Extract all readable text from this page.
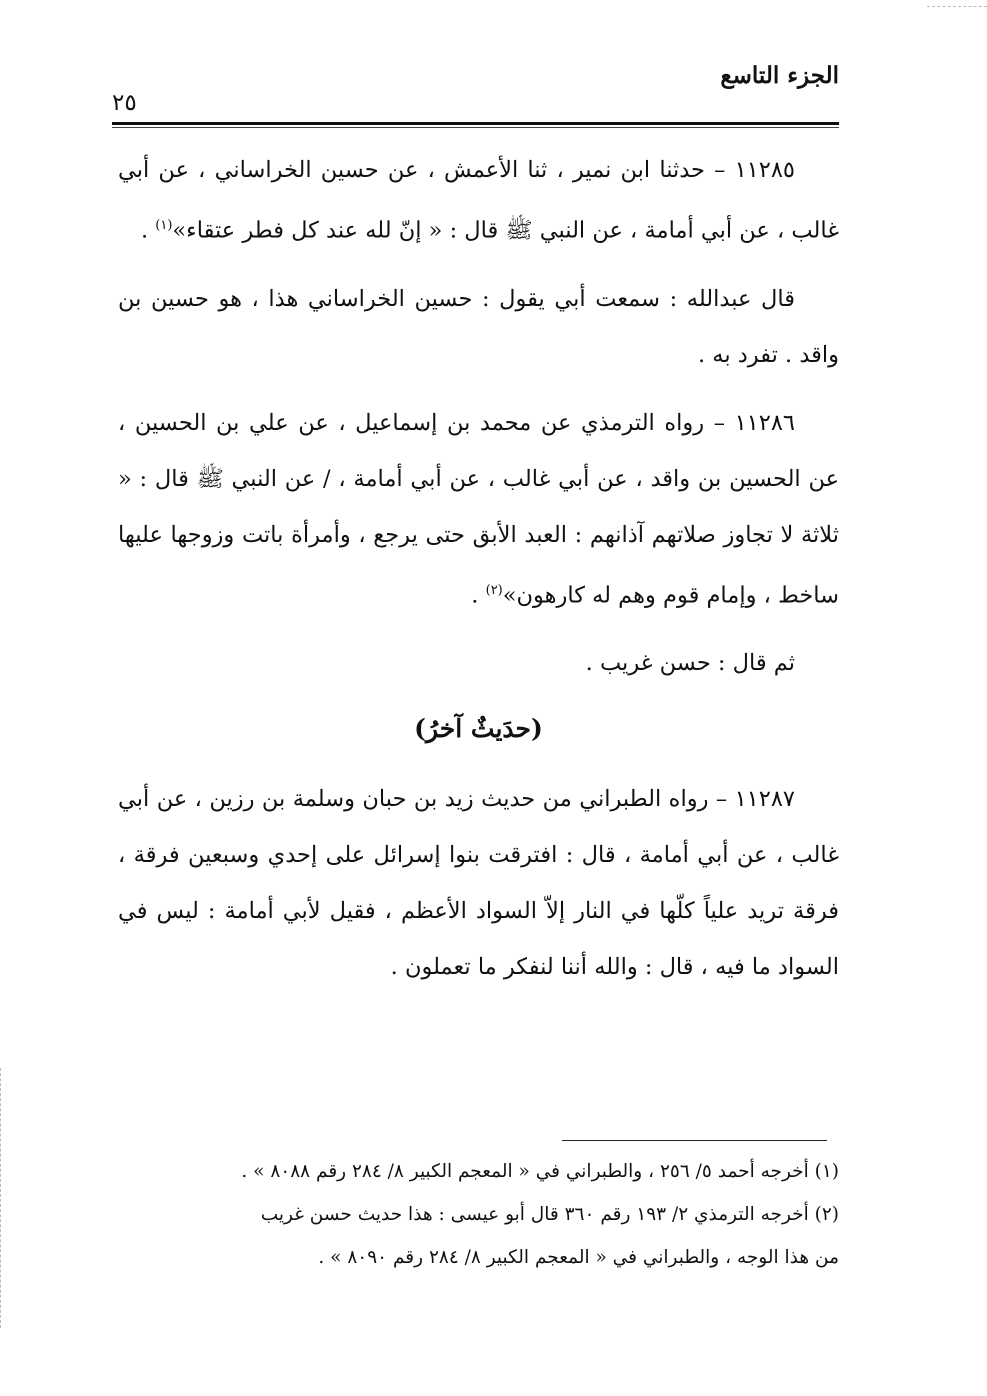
الجزء التاسع
٢٥

١١٢٨٥ – حدثنا ابن نمير ، ثنا الأعمش ، عن حسين الخراساني ، عن أبي غالب ، عن أبي أمامة ، عن النبي ﷺ قال : « إنّ لله عند كل فطر عتقاء»$^{(١)}$ .

قال عبدالله : سمعت أبي يقول : حسين الخراساني هذا ، هو حسين بن واقد . تفرد به .

١١٢٨٦ – رواه الترمذي عن محمد بن إسماعيل ، عن علي بن الحسين ، عن الحسين بن واقد ، عن أبي غالب ، عن أبي أمامة ، / عن النبي ﷺ قال : « ثلاثة لا تجاوز صلاتهم آذانهم : العبد الأبق حتى يرجع ، وأمرأة باتت وزوجها عليها ساخط ، وإمام قوم وهم له كارهون»$^{(٢)}$ .

ثم قال : حسن غريب .

(حدَيثٌ آخرُ)

١١٢٨٧ – رواه الطبراني من حديث زيد بن حبان وسلمة بن رزين ، عن أبي غالب ، عن أبي أمامة ، قال : افترقت بنوا إسرائل على إحدي وسبعين فرقة ، فرقة تريد علياً كلّها في النار إلاّ السواد الأعظم ، فقيل لأبي أمامة : ليس في السواد ما فيه ، قال : والله أننا لنفكر ما تعملون .

(١) أخرجه أحمد ٥/ ٢٥٦ ، والطبراني في « المعجم الكبير ٨/ ٢٨٤ رقم ٨٠٨٨ » .

(٢) أخرجه الترمذي ٢/ ١٩٣ رقم ٣٦٠ قال أبو عيسى : هذا حديث حسن غريب

من هذا الوجه ، والطبراني في « المعجم الكبير ٨/ ٢٨٤ رقم ٨٠٩٠ » .
